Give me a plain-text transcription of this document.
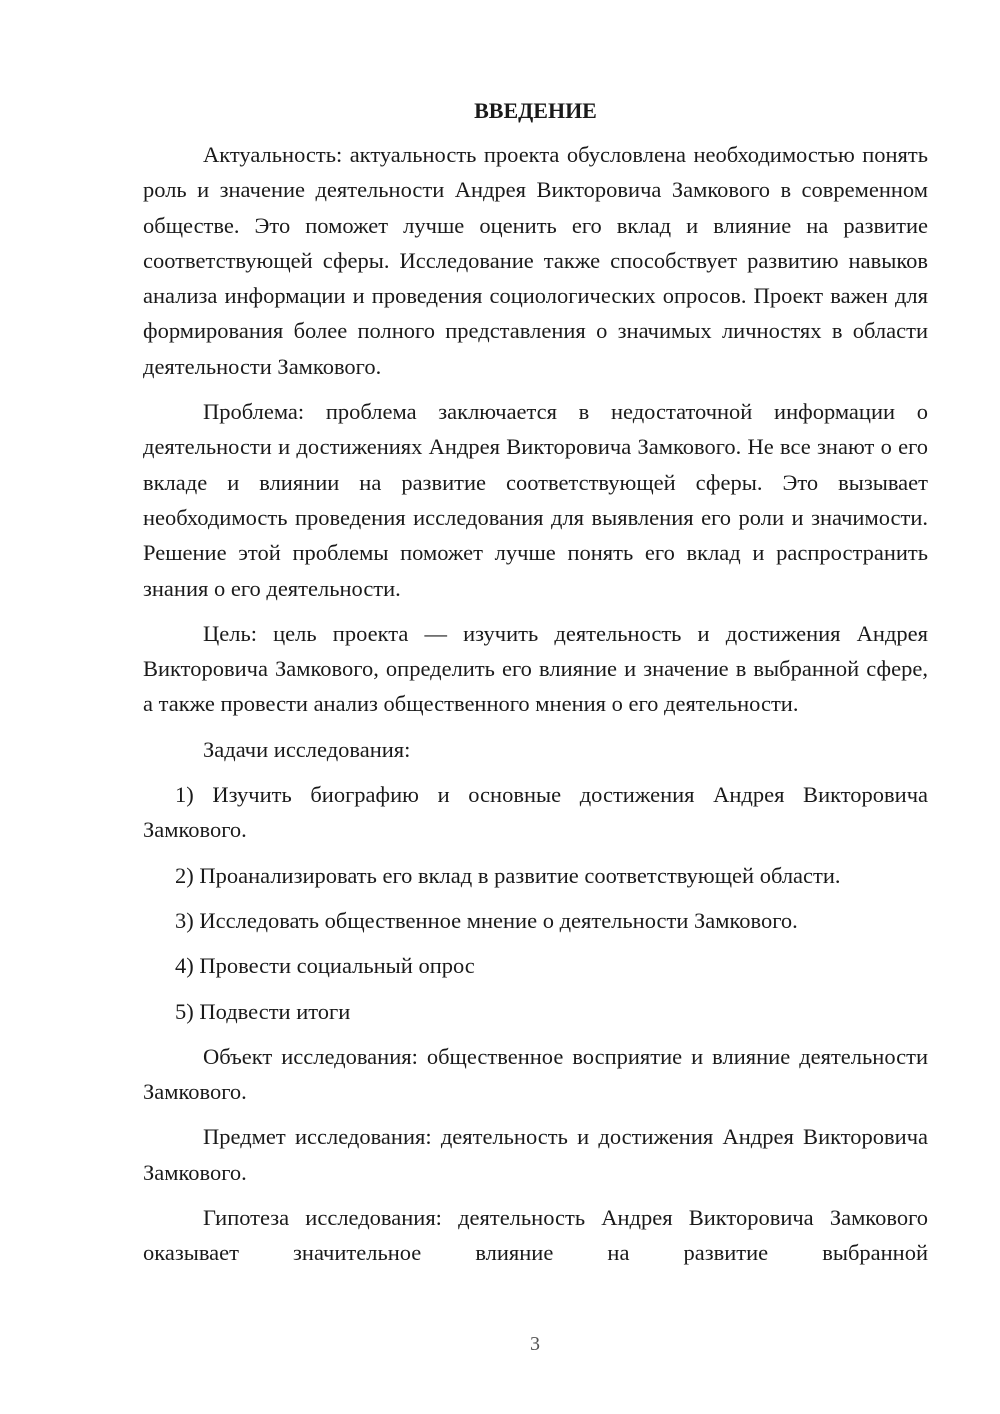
ВВЕДЕНИЕ

Актуальность: актуальность проекта обусловлена необходимостью понять роль и значение деятельности Андрея Викторовича Замкового в современном обществе. Это поможет лучше оценить его вклад и влияние на развитие соответствующей сферы. Исследование также способствует развитию навыков анализа информации и проведения социологических опросов. Проект важен для формирования более полного представления о значимых личностях в области деятельности Замкового.

Проблема: проблема заключается в недостаточной информации о деятельности и достижениях Андрея Викторовича Замкового. Не все знают о его вкладе и влиянии на развитие соответствующей сферы. Это вызывает необходимость проведения исследования для выявления его роли и значимости. Решение этой проблемы поможет лучше понять его вклад и распространить знания о его деятельности.

Цель: цель проекта — изучить деятельность и достижения Андрея Викторовича Замкового, определить его влияние и значение в выбранной сфере, а также провести анализ общественного мнения о его деятельности.

Задачи исследования:

1) Изучить биографию и основные достижения Андрея Викторовича Замкового.

2) Проанализировать его вклад в развитие соответствующей области.

3) Исследовать общественное мнение о деятельности Замкового.

4) Провести социальный опрос

5) Подвести итоги

Объект исследования: общественное восприятие и влияние деятельности Замкового.

Предмет исследования: деятельность и достижения Андрея Викторовича Замкового.

Гипотеза исследования: деятельность Андрея Викторовича Замкового оказывает значительное влияние на развитие выбранной

3
